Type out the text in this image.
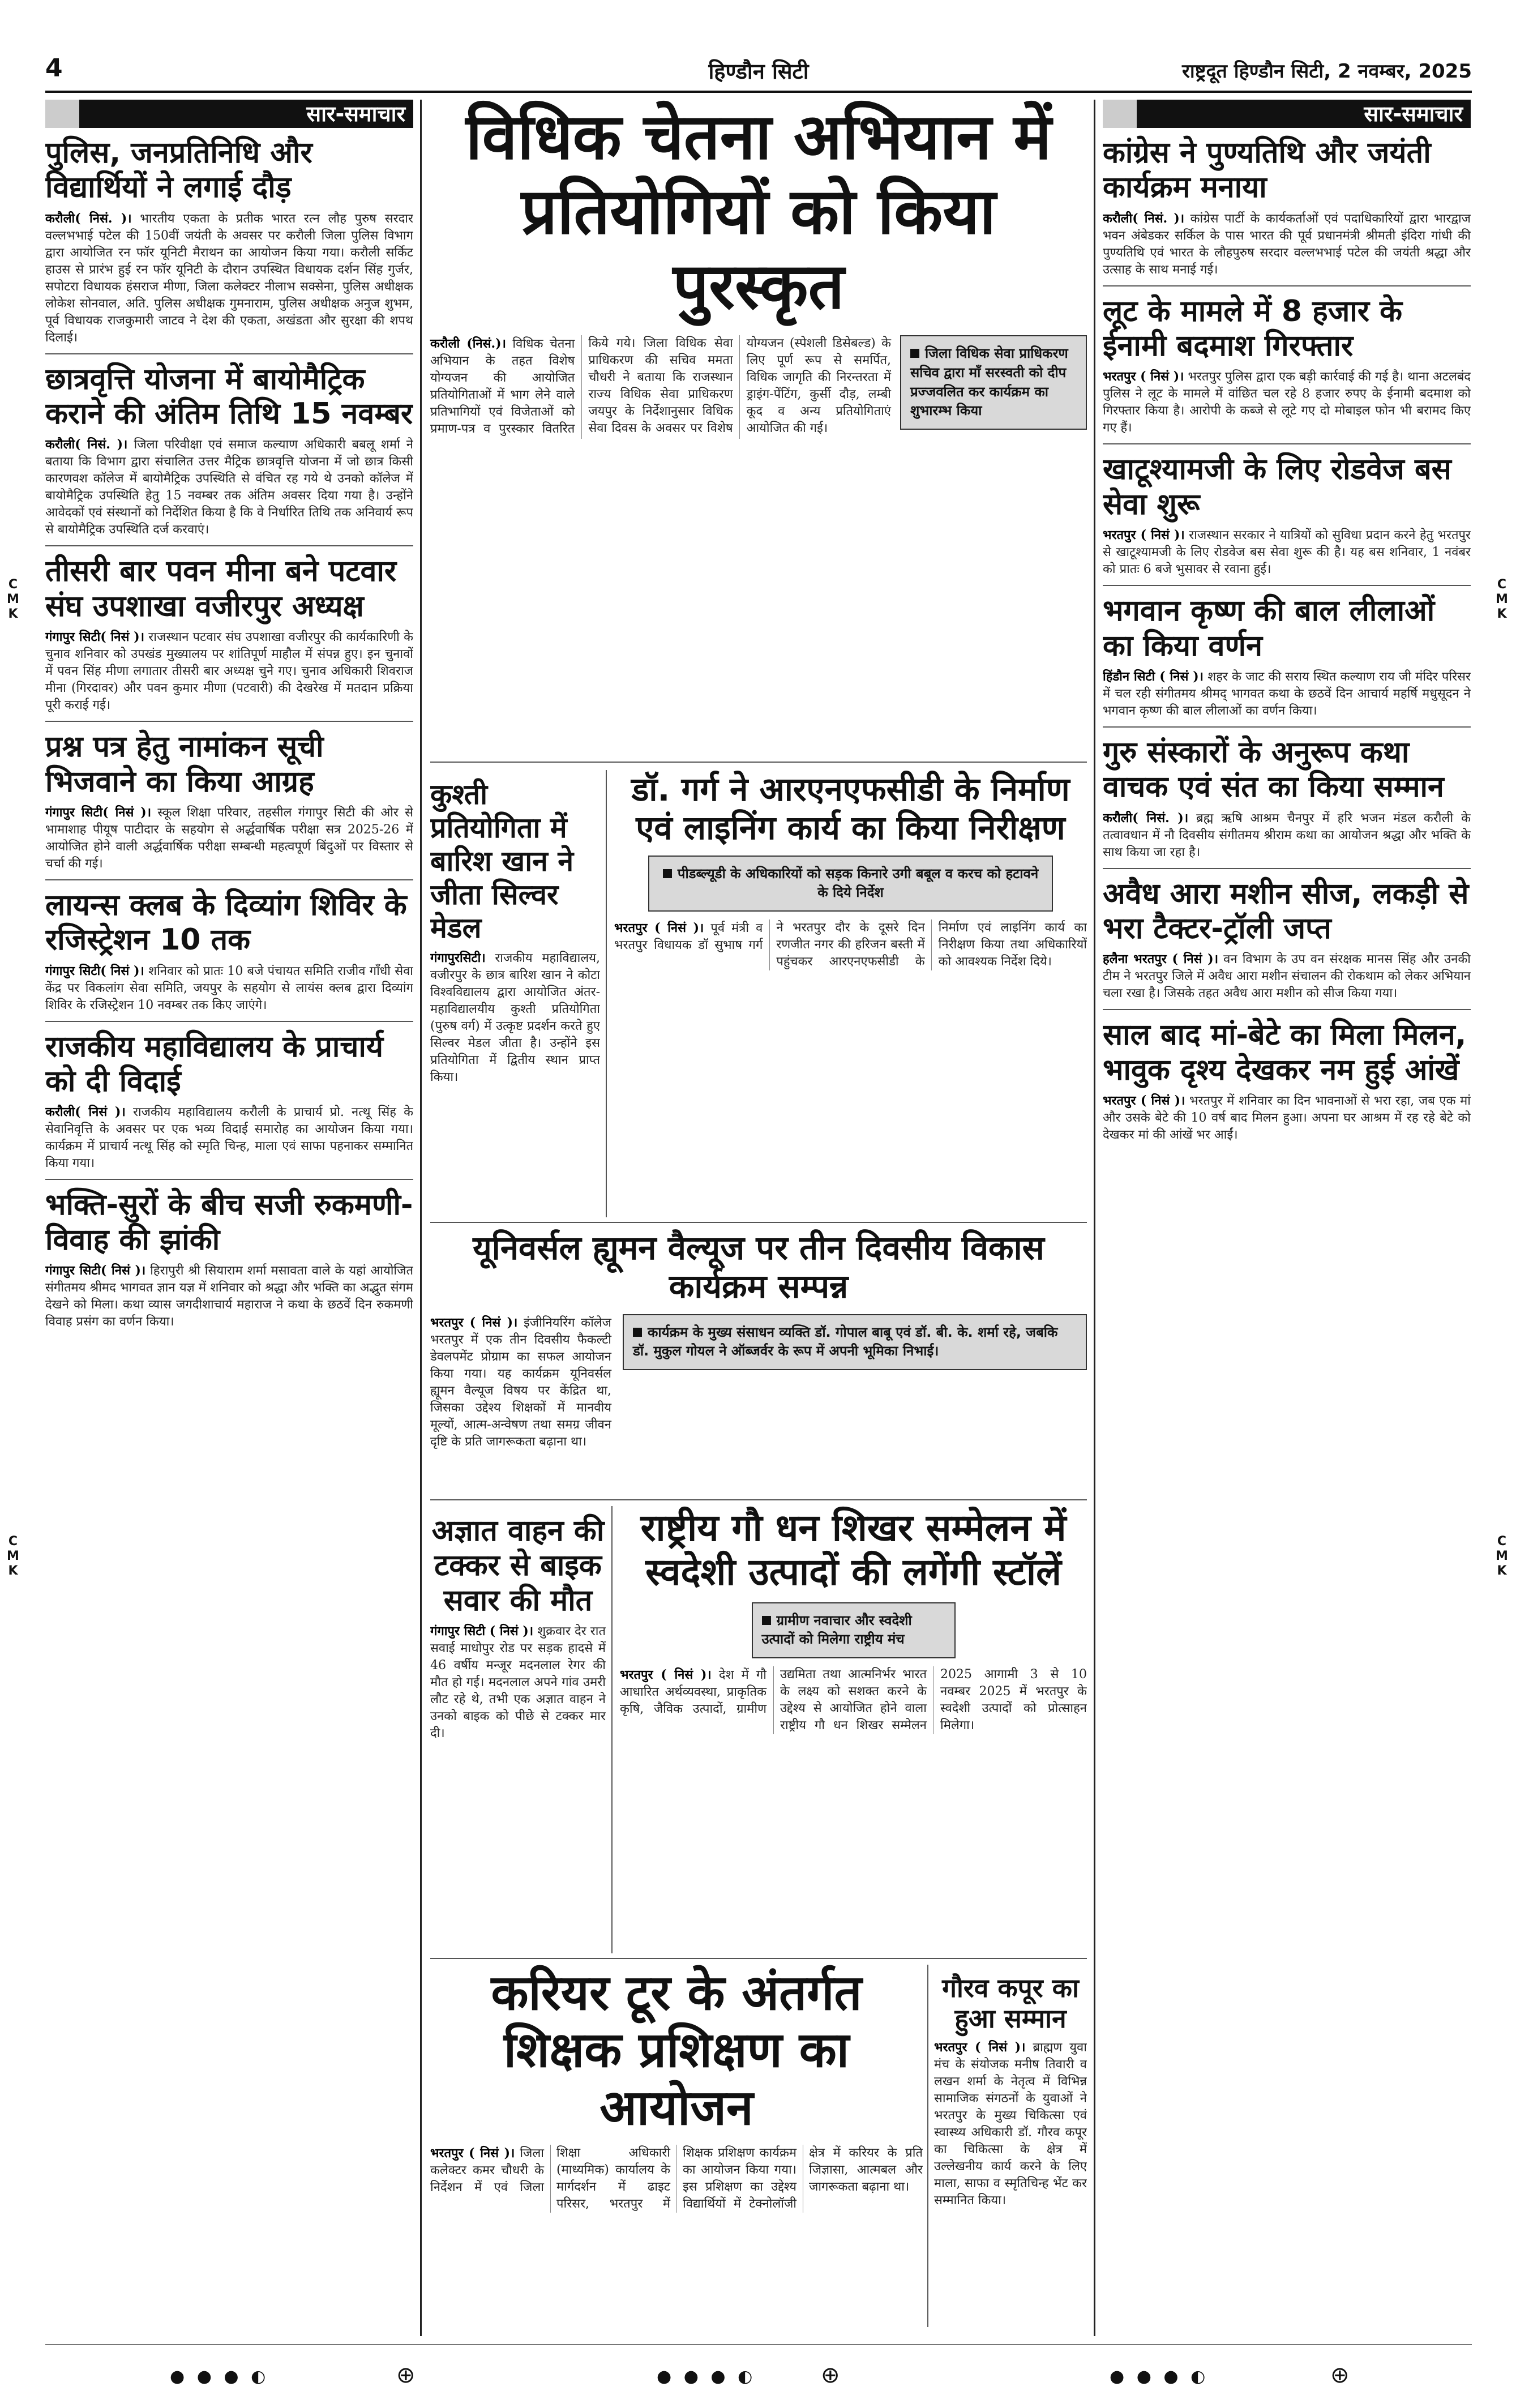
4	हिण्डौन सिटी	राष्ट्रदूत हिण्डौन सिटी, 2 नवम्बर, 2025
सार-समाचार
पुलिस, जनप्रतिनिधि और विद्यार्थियों ने लगाई दौड़

करौली( निसं. )। भारतीय एकता के प्रतीक भारत रत्न लौह पुरुष सरदार वल्लभभाई पटेल की 150वीं जयंती के अवसर पर करौली जिला पुलिस विभाग द्वारा आयोजित रन फॉर यूनिटी मैराथन का आयोजन किया गया। करौली सर्किट हाउस से प्रारंभ हुई रन फॉर यूनिटी के दौरान उपस्थित विधायक दर्शन सिंह गुर्जर, सपोटरा विधायक हंसराज मीणा, जिला कलेक्टर नीलाभ सक्सेना, पुलिस अधीक्षक लोकेश सोनवाल, अति. पुलिस अधीक्षक गुमनाराम, पुलिस अधीक्षक अनुज शुभम, पूर्व विधायक राजकुमारी जाटव ने देश की एकता, अखंडता और सुरक्षा की शपथ दिलाई।

छात्रवृत्ति योजना में बायोमैट्रिक कराने की अंतिम तिथि 15 नवम्बर

करौली( निसं. )। जिला परिवीक्षा एवं समाज कल्याण अधिकारी बबलू शर्मा ने बताया कि विभाग द्वारा संचालित उत्तर मैट्रिक छात्रवृत्ति योजना में जो छात्र किसी कारणवश कॉलेज में बायोमैट्रिक उपस्थिति से वंचित रह गये थे उनको कॉलेज में बायोमैट्रिक उपस्थिति हेतु 15 नवम्बर तक अंतिम अवसर दिया गया है। उन्होंने आवेदकों एवं संस्थानों को निर्देशित किया है कि वे निर्धारित तिथि तक अनिवार्य रूप से बायोमैट्रिक उपस्थिति दर्ज करवाएं।

तीसरी बार पवन मीना बने पटवार संघ उपशाखा वजीरपुर अध्यक्ष

गंगापुर सिटी( निसं )। राजस्थान पटवार संघ उपशाखा वजीरपुर की कार्यकारिणी के चुनाव शनिवार को उपखंड मुख्यालय पर शांतिपूर्ण माहौल में संपन्न हुए। इन चुनावों में पवन सिंह मीणा लगातार तीसरी बार अध्यक्ष चुने गए। चुनाव अधिकारी शिवराज मीना (गिरदावर) और पवन कुमार मीणा (पटवारी) की देखरेख में मतदान प्रक्रिया पूरी कराई गई।

प्रश्न पत्र हेतु नामांकन सूची भिजवाने का किया आग्रह

गंगापुर सिटी( निसं )। स्कूल शिक्षा परिवार, तहसील गंगापुर सिटी की ओर से भामाशाह पीयूष पाटीदार के सहयोग से अर्द्धवार्षिक परीक्षा सत्र 2025-26 में आयोजित होने वाली अर्द्धवार्षिक परीक्षा सम्बन्धी महत्वपूर्ण बिंदुओं पर विस्तार से चर्चा की गई।

लायन्स क्लब के दिव्यांग शिविर के रजिस्ट्रेशन 10 तक

गंगापुर सिटी( निसं )। शनिवार को प्रातः 10 बजे पंचायत समिति राजीव गाँधी सेवा केंद्र पर विकलांग सेवा समिति, जयपुर के सहयोग से लायंस क्लब द्वारा दिव्यांग शिविर के रजिस्ट्रेशन 10 नवम्बर तक किए जाएंगे।

राजकीय महाविद्यालय के प्राचार्य को दी विदाई

करौली( निसं )। राजकीय महाविद्यालय करौली के प्राचार्य प्रो. नत्थू सिंह के सेवानिवृत्ति के अवसर पर एक भव्य विदाई समारोह का आयोजन किया गया। कार्यक्रम में प्राचार्य नत्थू सिंह को स्मृति चिन्ह, माला एवं साफा पहनाकर सम्मानित किया गया।

भक्ति-सुरों के बीच सजी रुकमणी-विवाह की झांकी

गंगापुर सिटी( निसं )। हिरापुरी श्री सियाराम शर्मा मसावता वाले के यहां आयोजित संगीतमय श्रीमद भागवत ज्ञान यज्ञ में शनिवार को श्रद्धा और भक्ति का अद्भुत संगम देखने को मिला। कथा व्यास जगदीशाचार्य महाराज ने कथा के छठवें दिन रुकमणी विवाह प्रसंग का वर्णन किया।

विधिक चेतना अभियान में प्रतियोगियों को किया पुरस्कृत
जिला विधिक सेवा प्राधिकरण सचिव द्वारा माँ सरस्वती को दीप प्रज्जवलित कर कार्यक्रम का शुभारम्भ किया

करौली (निसं.)। विधिक चेतना अभियान के तहत विशेष योग्यजन की आयोजित प्रतियोगिताओं में भाग लेने वाले प्रतिभागियों एवं विजेताओं को प्रमाण-पत्र व पुरस्कार वितरित किये गये। जिला विधिक सेवा प्राधिकरण की सचिव ममता चौधरी ने बताया कि राजस्थान राज्य विधिक सेवा प्राधिकरण जयपुर के निर्देशानुसार विधिक सेवा दिवस के अवसर पर विशेष योग्यजन (स्पेशली डिसेबल्ड) के लिए पूर्ण रूप से समर्पित, विधिक जागृति की निरन्तरता में ड्राइंग-पेंटिंग, कुर्सी दौड़, लम्बी कूद व अन्य प्रतियोगिताएं आयोजित की गई।

कुश्ती प्रतियोगिता में बारिश खान ने जीता सिल्वर मेडल

गंगापुरसिटी। राजकीय महाविद्यालय, वजीरपुर के छात्र बारिश खान ने कोटा विश्वविद्यालय द्वारा आयोजित अंतर-महाविद्यालयीय कुश्ती प्रतियोगिता (पुरुष वर्ग) में उत्कृष्ट प्रदर्शन करते हुए सिल्वर मेडल जीता है। उन्होंने इस प्रतियोगिता में द्वितीय स्थान प्राप्त किया।

डॉ. गर्ग ने आरएनएफसीडी के निर्माण एवं लाइनिंग कार्य का किया निरीक्षण
पीडब्ल्यूडी के अधिकारियों को सड़क किनारे उगी बबूल व करच को हटावने के दिये निर्देश

भरतपुर ( निसं )। पूर्व मंत्री व भरतपुर विधायक डॉ सुभाष गर्ग ने भरतपुर दौर के दूसरे दिन रणजीत नगर की हरिजन बस्ती में पहुंचकर आरएनएफसीडी के निर्माण एवं लाइनिंग कार्य का निरीक्षण किया तथा अधिकारियों को आवश्यक निर्देश दिये।

यूनिवर्सल ह्यूमन वैल्यूज पर तीन दिवसीय विकास कार्यक्रम सम्पन्न

भरतपुर ( निसं )। इंजीनियरिंग कॉलेज भरतपुर में एक तीन दिवसीय फैकल्टी डेवलपमेंट प्रोग्राम का सफल आयोजन किया गया। यह कार्यक्रम यूनिवर्सल ह्यूमन वैल्यूज विषय पर केंद्रित था, जिसका उद्देश्य शिक्षकों में मानवीय मूल्यों, आत्म-अन्वेषण तथा समग्र जीवन दृष्टि के प्रति जागरूकता बढ़ाना था।

कार्यक्रम के मुख्य संसाधन व्यक्ति डॉ. गोपाल बाबू एवं डॉ. बी. के. शर्मा रहे, जबकि डॉ. मुकुल गोयल ने ऑब्जर्वर के रूप में अपनी भूमिका निभाई।
अज्ञात वाहन की टक्कर से बाइक सवार की मौत

गंगापुर सिटी ( निसं )। शुक्रवार देर रात सवाई माधोपुर रोड पर सड़क हादसे में 46 वर्षीय मन्जूर मदनलाल रेगर की मौत हो गई। मदनलाल अपने गांव उमरी लौट रहे थे, तभी एक अज्ञात वाहन ने उनको बाइक को पीछे से टक्कर मार दी।

राष्ट्रीय गौ धन शिखर सम्मेलन में स्वदेशी उत्पादों की लगेंगी स्टॉलें
ग्रामीण नवाचार और स्वदेशी उत्पादों को मिलेगा राष्ट्रीय मंच

भरतपुर ( निसं )। देश में गौ आधारित अर्थव्यवस्था, प्राकृतिक कृषि, जैविक उत्पादों, ग्रामीण उद्यमिता तथा आत्मनिर्भर भारत के लक्ष्य को सशक्त करने के उद्देश्य से आयोजित होने वाला राष्ट्रीय गौ धन शिखर सम्मेलन 2025 आगामी 3 से 10 नवम्बर 2025 में भरतपुर के स्वदेशी उत्पादों को प्रोत्साहन मिलेगा।

करियर टूर के अंतर्गत शिक्षक प्रशिक्षण का आयोजन

भरतपुर ( निसं )। जिला कलेक्टर कमर चौधरी के निर्देशन में एवं जिला शिक्षा अधिकारी (माध्यमिक) कार्यालय के मार्गदर्शन में ढाइट परिसर, भरतपुर में शिक्षक प्रशिक्षण कार्यक्रम का आयोजन किया गया। इस प्रशिक्षण का उद्देश्य विद्यार्थियों में टेक्नोलॉजी क्षेत्र में करियर के प्रति जिज्ञासा, आत्मबल और जागरूकता बढ़ाना था।

गौरव कपूर का हुआ सम्मान

भरतपुर ( निसं )। ब्राह्मण युवा मंच के संयोजक मनीष तिवारी व लखन शर्मा के नेतृत्व में विभिन्न सामाजिक संगठनों के युवाओं ने भरतपुर के मुख्य चिकित्सा एवं स्वास्थ्य अधिकारी डॉ. गौरव कपूर का चिकित्सा के क्षेत्र में उल्लेखनीय कार्य करने के लिए माला, साफा व स्मृतिचिन्ह भेंट कर सम्मानित किया।

सार-समाचार
कांग्रेस ने पुण्यतिथि और जयंती कार्यक्रम मनाया

करौली( निसं. )। कांग्रेस पार्टी के कार्यकर्ताओं एवं पदाधिकारियों द्वारा भारद्वाज भवन अंबेडकर सर्किल के पास भारत की पूर्व प्रधानमंत्री श्रीमती इंदिरा गांधी की पुण्यतिथि एवं भारत के लौहपुरुष सरदार वल्लभभाई पटेल की जयंती श्रद्धा और उत्साह के साथ मनाई गई।

लूट के मामले में 8 हजार के ईनामी बदमाश गिरफ्तार

भरतपुर ( निसं )। भरतपुर पुलिस द्वारा एक बड़ी कार्रवाई की गई है। थाना अटलबंद पुलिस ने लूट के मामले में वांछित चल रहे 8 हजार रुपए के ईनामी बदमाश को गिरफ्तार किया है। आरोपी के कब्जे से लूटे गए दो मोबाइल फोन भी बरामद किए गए हैं।

खाटूश्यामजी के लिए रोडवेज बस सेवा शुरू

भरतपुर ( निसं )। राजस्थान सरकार ने यात्रियों को सुविधा प्रदान करने हेतु भरतपुर से खाटूश्यामजी के लिए रोडवेज बस सेवा शुरू की है। यह बस शनिवार, 1 नवंबर को प्रातः 6 बजे भुसावर से रवाना हुई।

भगवान कृष्ण की बाल लीलाओं का किया वर्णन

हिंडौन सिटी ( निसं )। शहर के जाट की सराय स्थित कल्याण राय जी मंदिर परिसर में चल रही संगीतमय श्रीमद् भागवत कथा के छठवें दिन आचार्य महर्षि मधुसूदन ने भगवान कृष्ण की बाल लीलाओं का वर्णन किया।

गुरु संस्कारों के अनुरूप कथा वाचक एवं संत का किया सम्मान

करौली( निसं. )। ब्रह्म ऋषि आश्रम चैनपुर में हरि भजन मंडल करौली के तत्वावधान में नौ दिवसीय संगीतमय श्रीराम कथा का आयोजन श्रद्धा और भक्ति के साथ किया जा रहा है।

अवैध आरा मशीन सीज, लकड़ी से भरा टैक्टर-ट्रॉली जप्त

हलैना भरतपुर ( निसं )। वन विभाग के उप वन संरक्षक मानस सिंह और उनकी टीम ने भरतपुर जिले में अवैध आरा मशीन संचालन की रोकथाम को लेकर अभियान चला रखा है। जिसके तहत अवैध आरा मशीन को सीज किया गया।

साल बाद मां-बेटे का मिला मिलन, भावुक दृश्य देखकर नम हुई आंखें

भरतपुर ( निसं )। भरतपुर में शनिवार का दिन भावनाओं से भरा रहा, जब एक मां और उसके बेटे की 10 वर्ष बाद मिलन हुआ। अपना घर आश्रम में रह रहे बेटे को देखकर मां की आंखें भर आईं।

C
M
K
C
M
K
C
M
K
C
M
K
● ● ● ◐	⊕	● ● ● ◐	⊕	● ● ● ◐	⊕
